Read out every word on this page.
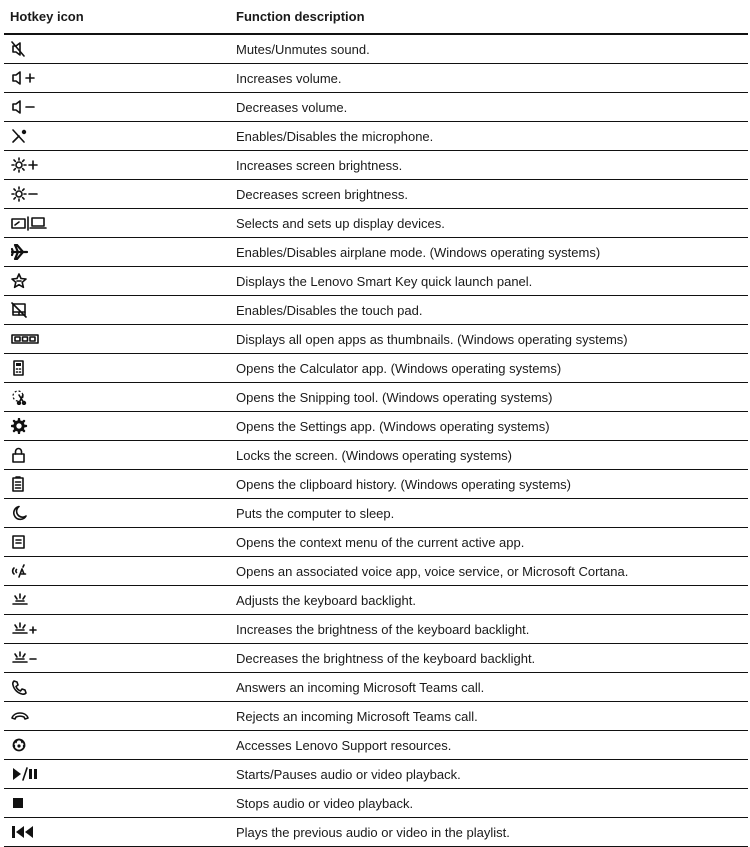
Hotkey icon	Function description

	Mutes/Unmutes sound.

	Increases volume.

	Decreases volume.

	Enables/Disables the microphone.

	Increases screen brightness.

	Decreases screen brightness.

	Selects and sets up display devices.

	Enables/Disables airplane mode. (Windows operating systems)

	Displays the Lenovo Smart Key quick launch panel.

	Enables/Disables the touch pad.

	Displays all open apps as thumbnails. (Windows operating systems)

	Opens the Calculator app. (Windows operating systems)

	Opens the Snipping tool. (Windows operating systems)

	Opens the Settings app. (Windows operating systems)

	Locks the screen. (Windows operating systems)

	Opens the clipboard history. (Windows operating systems)

	Puts the computer to sleep.

	Opens the context menu of the current active app.

	Opens an associated voice app, voice service, or Microsoft Cortana.

	Adjusts the keyboard backlight.

	Increases the brightness of the keyboard backlight.

	Decreases the brightness of the keyboard backlight.

	Answers an incoming Microsoft Teams call.

	Rejects an incoming Microsoft Teams call.

	Accesses Lenovo Support resources.

	Starts/Pauses audio or video playback.

	Stops audio or video playback.

	Plays the previous audio or video in the playlist.
